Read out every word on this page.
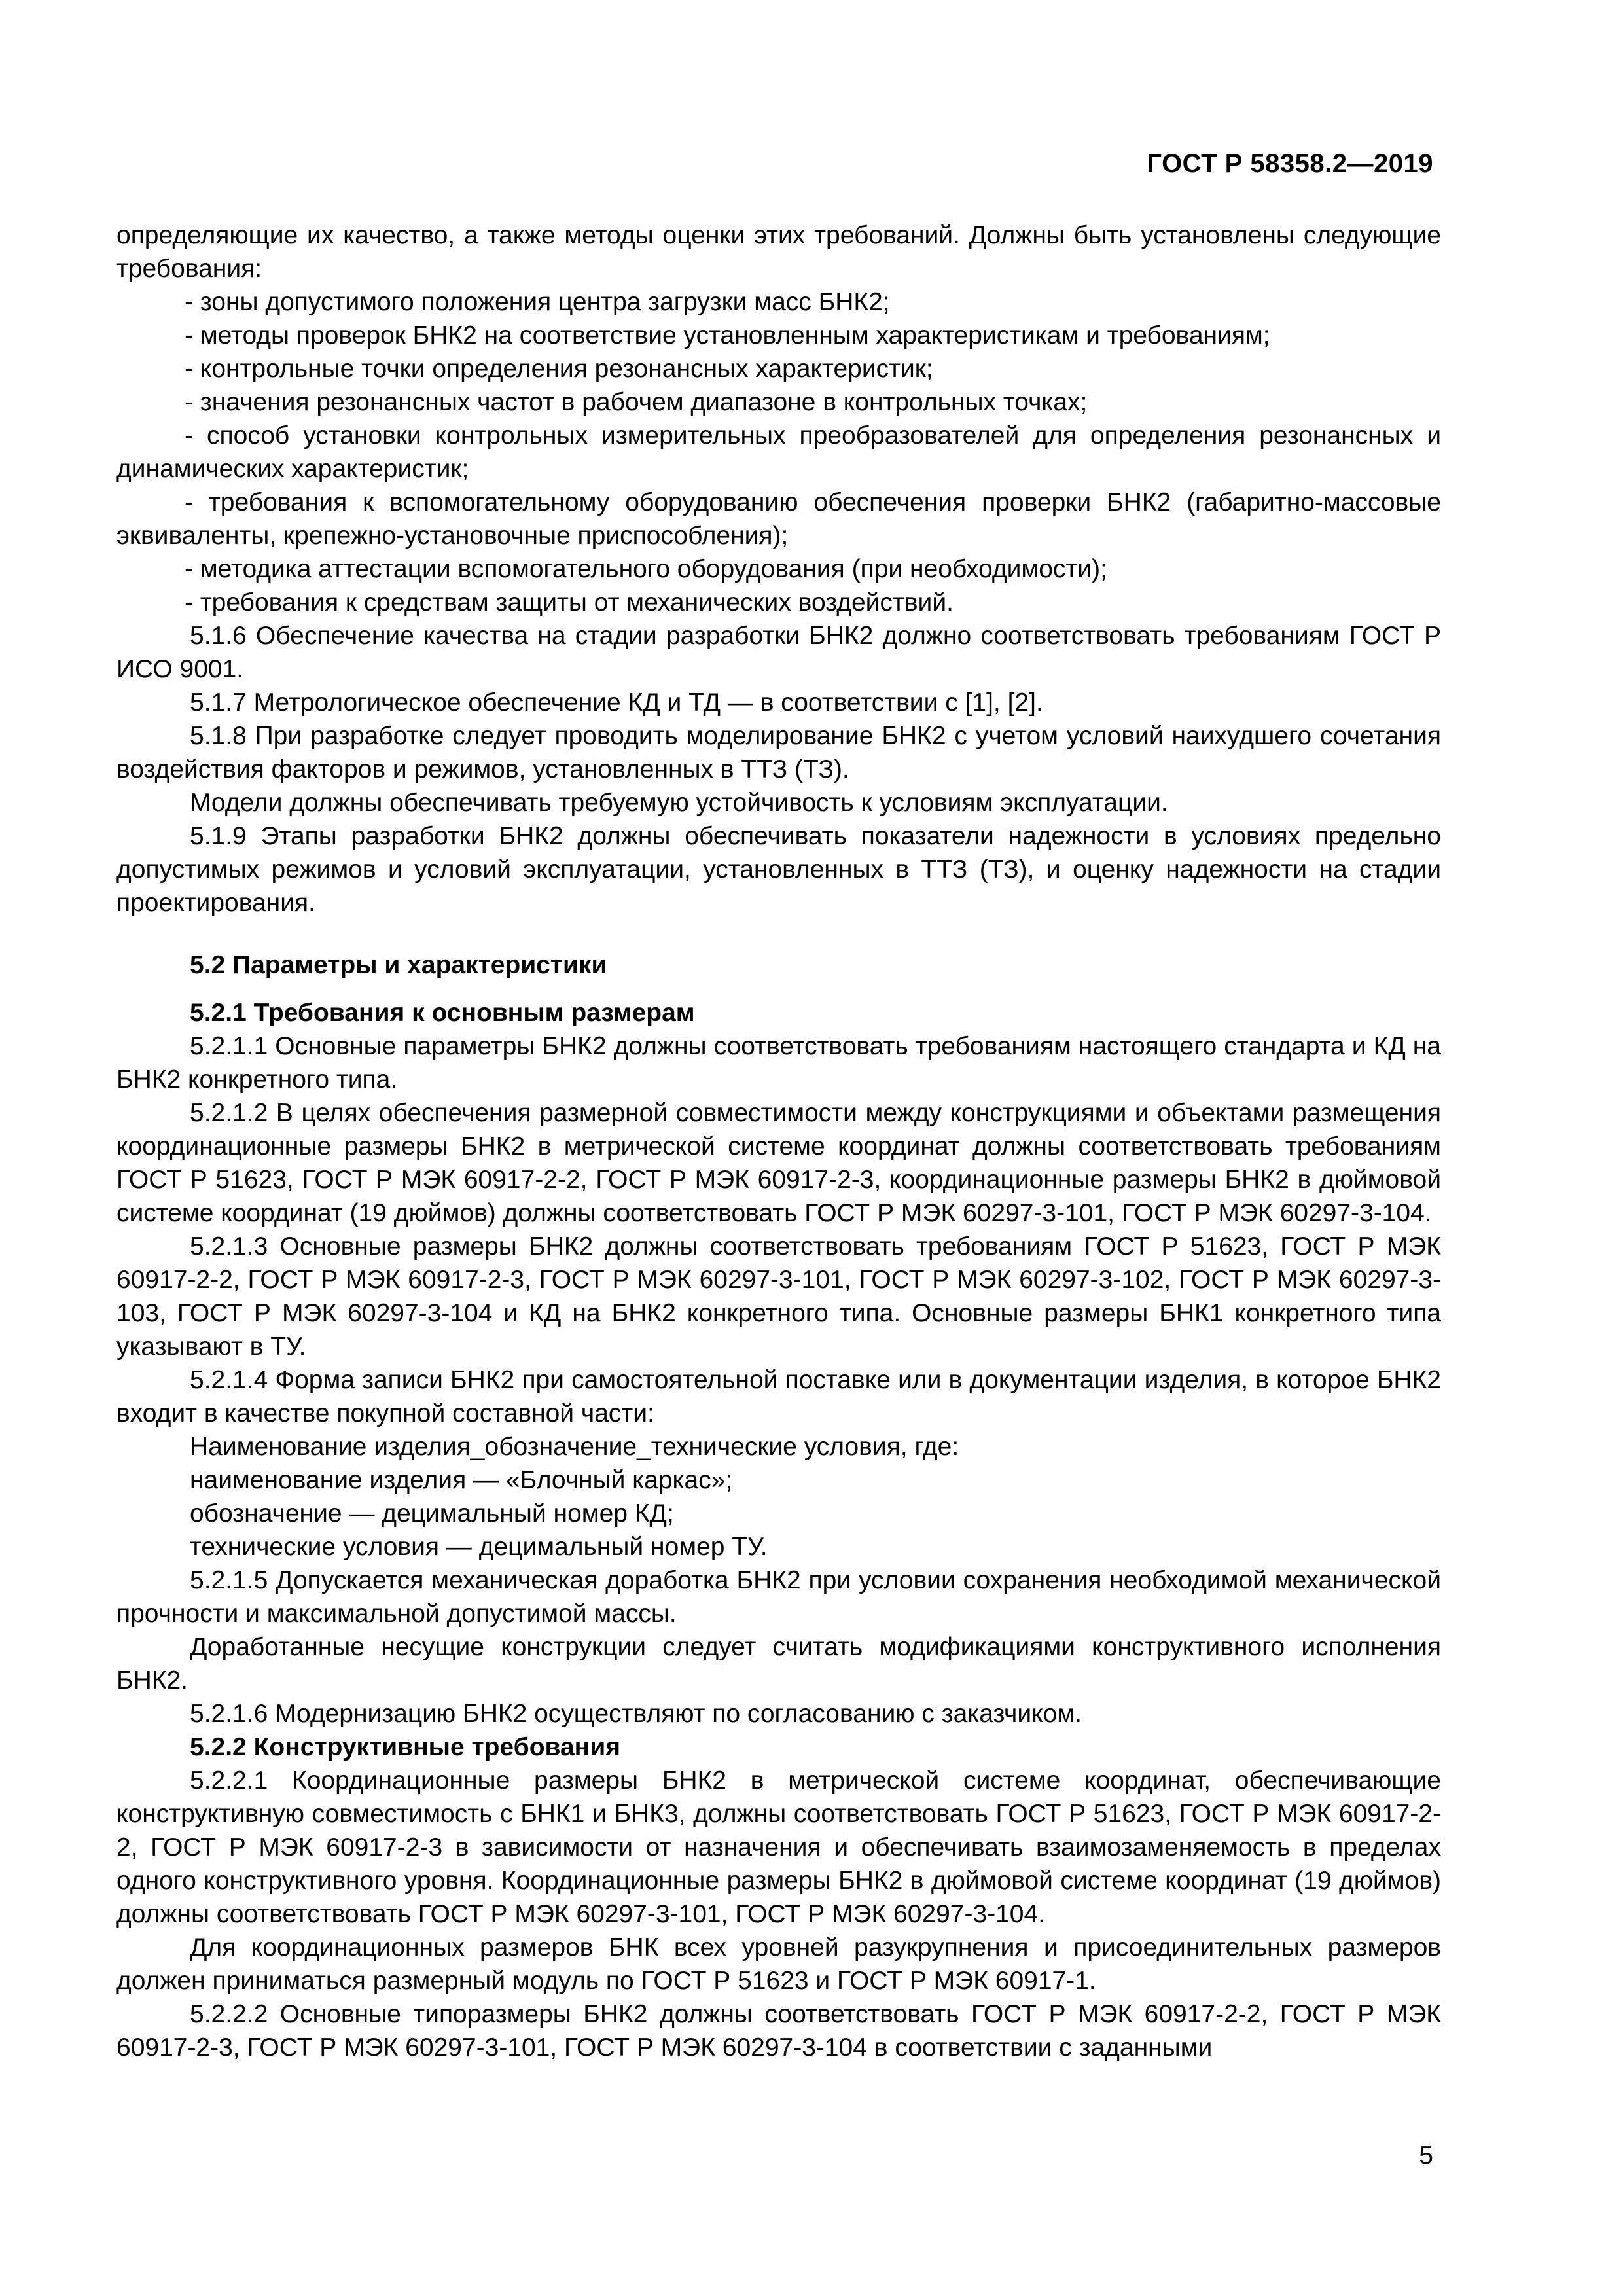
ГОСТ Р 58358.2—2019

определяющие их качество, а также методы оценки этих требований. Должны быть установлены следующие требования:

- зоны допустимого положения центра загрузки масс БНК2;

- методы проверок БНК2 на соответствие установленным характеристикам и требованиям;

- контрольные точки определения резонансных характеристик;

- значения резонансных частот в рабочем диапазоне в контрольных точках;

- способ установки контрольных измерительных преобразователей для определения резонансных и динамических характеристик;

- требования к вспомогательному оборудованию обеспечения проверки БНК2 (габаритно-массовые эквиваленты, крепежно-установочные приспособления);

- методика аттестации вспомогательного оборудования (при необходимости);

- требования к средствам защиты от механических воздействий.

5.1.6 Обеспечение качества на стадии разработки БНК2 должно соответствовать требованиям ГОСТ Р ИСО 9001.

5.1.7 Метрологическое обеспечение КД и ТД — в соответствии с [1], [2].

5.1.8 При разработке следует проводить моделирование БНК2 с учетом условий наихудшего сочетания воздействия факторов и режимов, установленных в ТТЗ (ТЗ).

Модели должны обеспечивать требуемую устойчивость к условиям эксплуатации.

5.1.9 Этапы разработки БНК2 должны обеспечивать показатели надежности в условиях предельно допустимых режимов и условий эксплуатации, установленных в ТТЗ (ТЗ), и оценку надежности на стадии проектирования.

5.2 Параметры и характеристики

5.2.1 Требования к основным размерам

5.2.1.1 Основные параметры БНК2 должны соответствовать требованиям настоящего стандарта и КД на БНК2 конкретного типа.

5.2.1.2 В целях обеспечения размерной совместимости между конструкциями и объектами размещения координационные размеры БНК2 в метрической системе координат должны соответствовать требованиям ГОСТ Р 51623, ГОСТ Р МЭК 60917-2-2, ГОСТ Р МЭК 60917-2-3, координационные размеры БНК2 в дюймовой системе координат (19 дюймов) должны соответствовать ГОСТ Р МЭК 60297-3-101, ГОСТ Р МЭК 60297-3-104.

5.2.1.3 Основные размеры БНК2 должны соответствовать требованиям ГОСТ Р 51623, ГОСТ Р МЭК 60917-2-2, ГОСТ Р МЭК 60917-2-3, ГОСТ Р МЭК 60297-3-101, ГОСТ Р МЭК 60297-3-102, ГОСТ Р МЭК 60297-3-103, ГОСТ Р МЭК 60297-3-104 и КД на БНК2 конкретного типа. Основные размеры БНК1 конкретного типа указывают в ТУ.

5.2.1.4 Форма записи БНК2 при самостоятельной поставке или в документации изделия, в которое БНК2 входит в качестве покупной составной части:

Наименование изделия_обозначение_технические условия, где:

наименование изделия — «Блочный каркас»;

обозначение — децимальный номер КД;

технические условия — децимальный номер ТУ.

5.2.1.5 Допускается механическая доработка БНК2 при условии сохранения необходимой механической прочности и максимальной допустимой массы.

Доработанные несущие конструкции следует считать модификациями конструктивного исполнения БНК2.

5.2.1.6 Модернизацию БНК2 осуществляют по согласованию с заказчиком.

5.2.2 Конструктивные требования

5.2.2.1 Координационные размеры БНК2 в метрической системе координат, обеспечивающие конструктивную совместимость с БНК1 и БНК3, должны соответствовать ГОСТ Р 51623, ГОСТ Р МЭК 60917-2-2, ГОСТ Р МЭК 60917-2-3 в зависимости от назначения и обеспечивать взаимозаменяемость в пределах одного конструктивного уровня. Координационные размеры БНК2 в дюймовой системе координат (19 дюймов) должны соответствовать ГОСТ Р МЭК 60297-3-101, ГОСТ Р МЭК 60297-3-104.

Для координационных размеров БНК всех уровней разукрупнения и присоединительных размеров должен приниматься размерный модуль по ГОСТ Р 51623 и ГОСТ Р МЭК 60917-1.

5.2.2.2 Основные типоразмеры БНК2 должны соответствовать ГОСТ Р МЭК 60917-2-2, ГОСТ Р МЭК 60917-2-3, ГОСТ Р МЭК 60297-3-101, ГОСТ Р МЭК 60297-3-104 в соответствии с заданными

5
